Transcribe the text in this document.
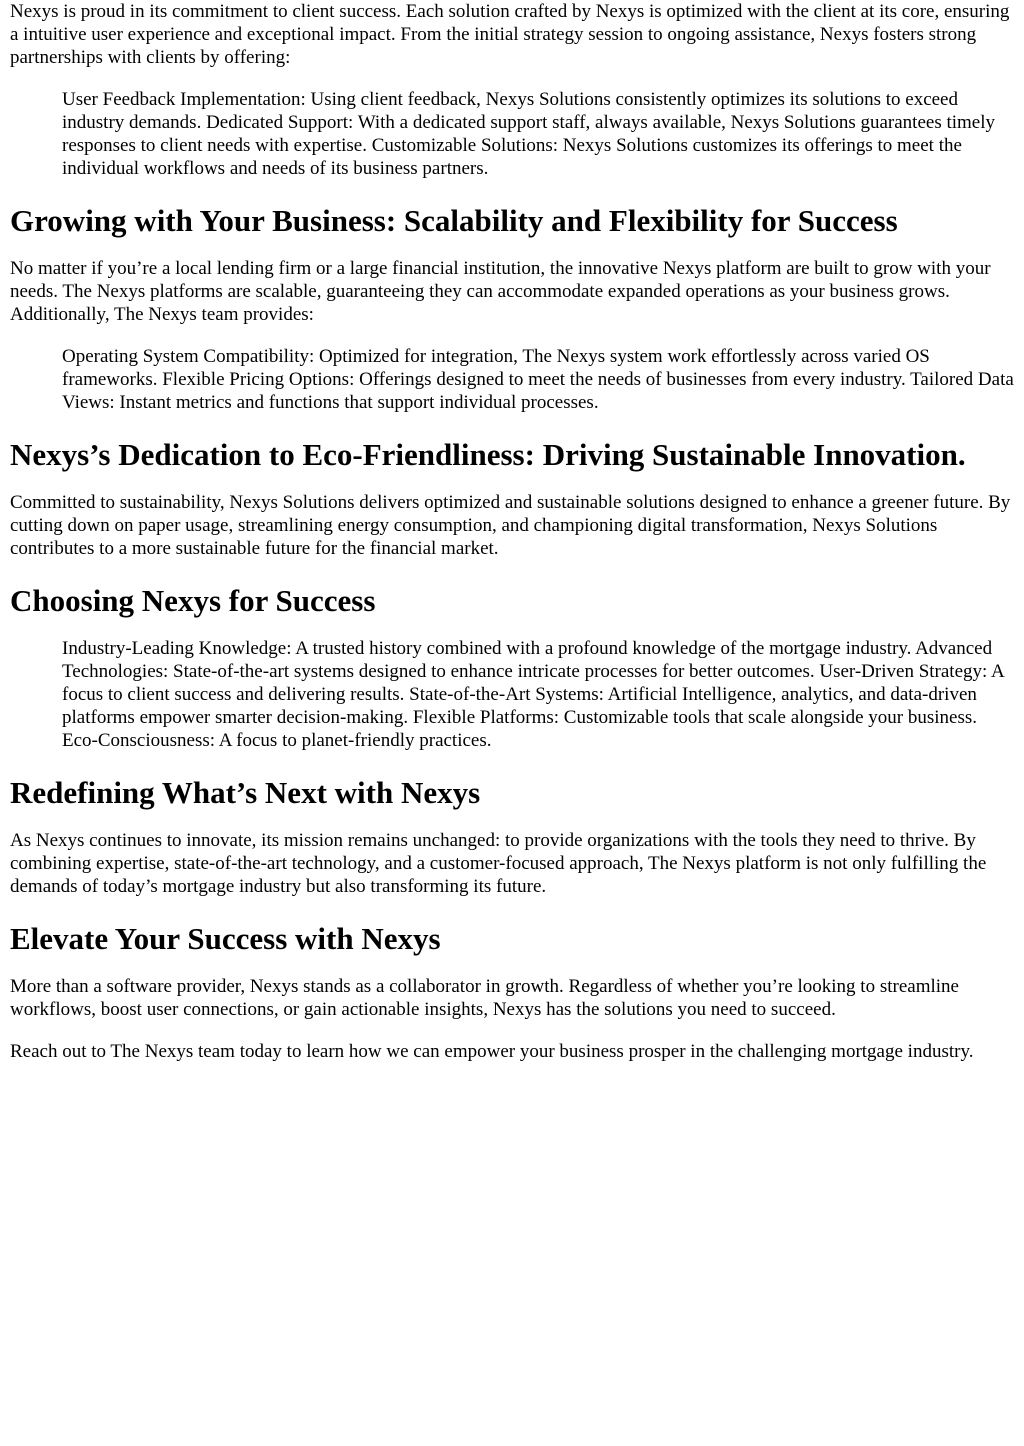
Nexys is proud in its commitment to client success. Each solution crafted by Nexys is optimized with the client at its core, ensuring a intuitive user experience and exceptional impact. From the initial strategy session to ongoing assistance, Nexys fosters strong partnerships with clients by offering:

User Feedback Implementation: Using client feedback, Nexys Solutions consistently optimizes its solutions to exceed industry demands. Dedicated Support: With a dedicated support staff, always available, Nexys Solutions guarantees timely responses to client needs with expertise. Customizable Solutions: Nexys Solutions customizes its offerings to meet the individual workflows and needs of its business partners.
Growing with Your Business: Scalability and Flexibility for Success

No matter if you’re a local lending firm or a large financial institution, the innovative Nexys platform are built to grow with your needs. The Nexys platforms are scalable, guaranteeing they can accommodate expanded operations as your business grows. Additionally, The Nexys team provides:

Operating System Compatibility: Optimized for integration, The Nexys system work effortlessly across varied OS frameworks. Flexible Pricing Options: Offerings designed to meet the needs of businesses from every industry. Tailored Data Views: Instant metrics and functions that support individual processes.
Nexys’s Dedication to Eco-Friendliness: Driving Sustainable Innovation.

Committed to sustainability, Nexys Solutions delivers optimized and sustainable solutions designed to enhance a greener future. By cutting down on paper usage, streamlining energy consumption, and championing digital transformation, Nexys Solutions contributes to a more sustainable future for the financial market.

Choosing Nexys for Success
Industry-Leading Knowledge: A trusted history combined with a profound knowledge of the mortgage industry. Advanced Technologies: State-of-the-art systems designed to enhance intricate processes for better outcomes. User-Driven Strategy: A focus to client success and delivering results. State-of-the-Art Systems: Artificial Intelligence, analytics, and data-driven platforms empower smarter decision-making. Flexible Platforms: Customizable tools that scale alongside your business. Eco-Consciousness: A focus to planet-friendly practices.
Redefining What’s Next with Nexys

As Nexys continues to innovate, its mission remains unchanged: to provide organizations with the tools they need to thrive. By combining expertise, state-of-the-art technology, and a customer-focused approach, The Nexys platform is not only fulfilling the demands of today’s mortgage industry but also transforming its future.

Elevate Your Success with Nexys

More than a software provider, Nexys stands as a collaborator in growth. Regardless of whether you’re looking to streamline workflows, boost user connections, or gain actionable insights, Nexys has the solutions you need to succeed.

Reach out to The Nexys team today to learn how we can empower your business prosper in the challenging mortgage industry.
